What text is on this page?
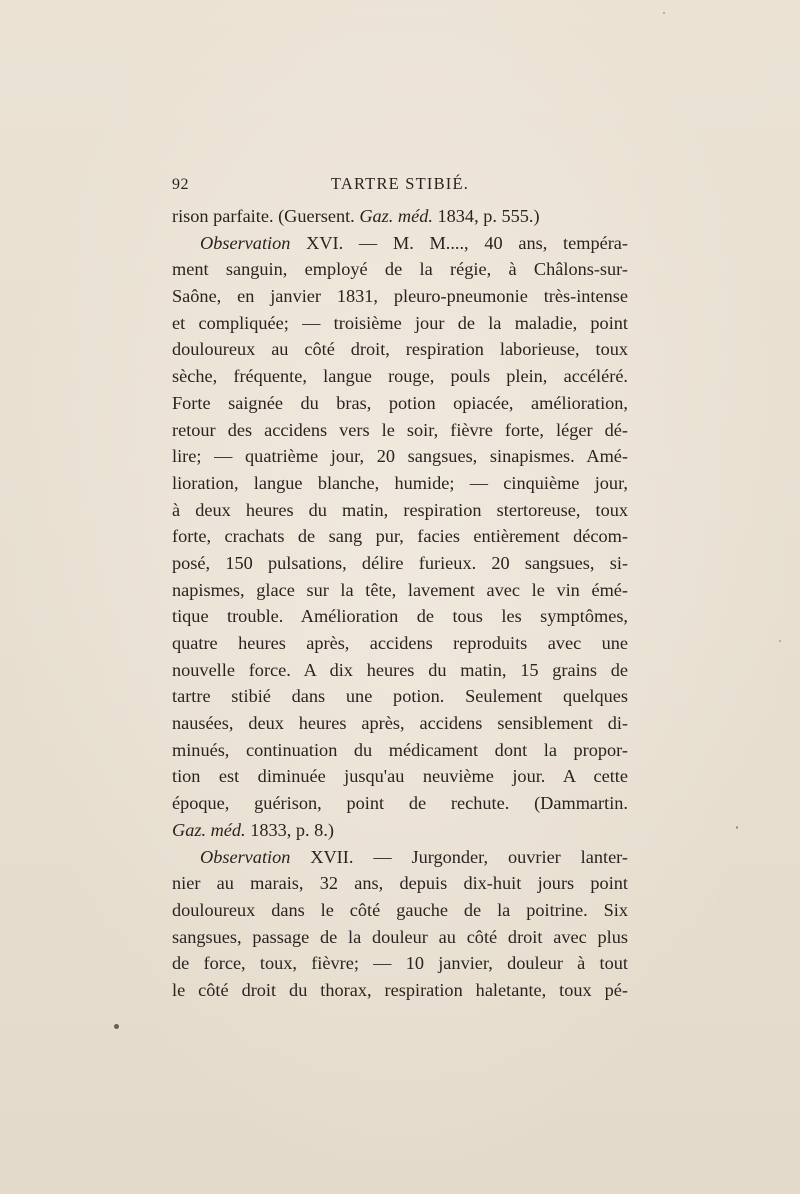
92	TARTRE STIBIÉ.
rison parfaite. (Guersent. Gaz. méd. 1834, p. 555.)
Observation XVI. — M. M...., 40 ans, tempéra-
ment sanguin, employé de la régie, à Châlons-sur-
Saône, en janvier 1831, pleuro-pneumonie très-intense
et compliquée; — troisième jour de la maladie, point
douloureux au côté droit, respiration laborieuse, toux
sèche, fréquente, langue rouge, pouls plein, accéléré.
Forte saignée du bras, potion opiacée, amélioration,
retour des accidens vers le soir, fièvre forte, léger dé-
lire; — quatrième jour, 20 sangsues, sinapismes. Amé-
lioration, langue blanche, humide; — cinquième jour,
à deux heures du matin, respiration stertoreuse, toux
forte, crachats de sang pur, facies entièrement décom-
posé, 150 pulsations, délire furieux. 20 sangsues, si-
napismes, glace sur la tête, lavement avec le vin émé-
tique trouble. Amélioration de tous les symptômes,
quatre heures après, accidens reproduits avec une
nouvelle force. A dix heures du matin, 15 grains de
tartre stibié dans une potion. Seulement quelques
nausées, deux heures après, accidens sensiblement di-
minués, continuation du médicament dont la propor-
tion est diminuée jusqu'au neuvième jour. A cette
époque, guérison, point de rechute. (Dammartin.
Gaz. méd. 1833, p. 8.)
Observation XVII. — Jurgonder, ouvrier lanter-
nier au marais, 32 ans, depuis dix-huit jours point
douloureux dans le côté gauche de la poitrine. Six
sangsues, passage de la douleur au côté droit avec plus
de force, toux, fièvre; — 10 janvier, douleur à tout
le côté droit du thorax, respiration haletante, toux pé-
